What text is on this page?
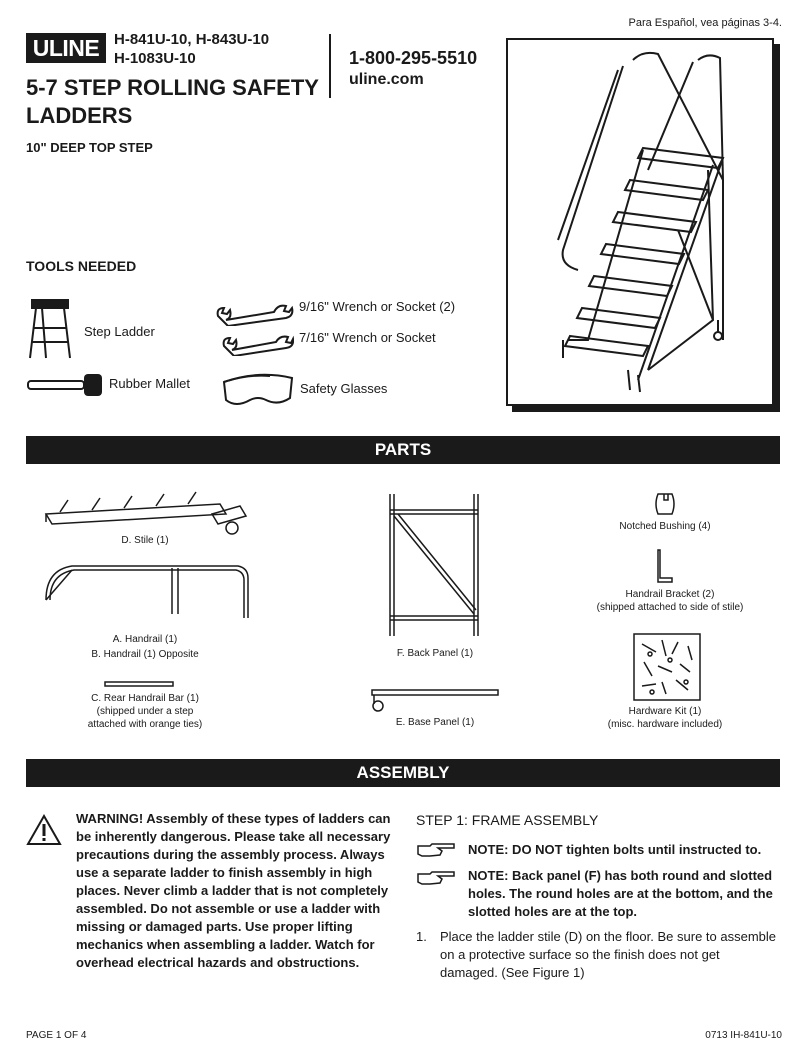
ULINE H-841U-10, H-843U-10
H-1083U-10	1-800-295-5510
uline.com
5-7 STEP ROLLING SAFETY LADDERS
10" DEEP TOP STEP
Para Español, vea páginas 3-4.
TOOLS NEEDED
Step Ladder
9/16" Wrench or Socket (2)
7/16" Wrench or Socket
Rubber Mallet	Safety Glasses
PARTS
D. Stile (1)
A. Handrail (1)
B. Handrail (1) Opposite
C. Rear Handrail Bar (1)
(shipped under a step
attached with orange ties)
F. Back Panel (1)
E. Base Panel (1)
Notched Bushing (4)
Handrail Bracket (2)
(shipped attached to side of stile)
Hardware Kit (1)
(misc. hardware included)
ASSEMBLY
WARNING! Assembly of these types of ladders can be inherently dangerous. Please take all necessary precautions during the assembly process. Always use a separate ladder to finish assembly in high places. Never climb a ladder that is not completely assembled. Do not assemble or use a ladder with missing or damaged parts. Use proper lifting mechanics when assembling a ladder. Watch for overhead electrical hazards and obstructions.
STEP 1: FRAME ASSEMBLY
NOTE: DO NOT tighten bolts until instructed to.
NOTE: Back panel (F) has both round and slotted holes. The round holes are at the bottom, and the slotted holes are at the top.
1. Place the ladder stile (D) on the floor. Be sure to assemble on a protective surface so the finish does not get damaged. (See Figure 1)
PAGE 1 OF 4	0713 IH-841U-10
